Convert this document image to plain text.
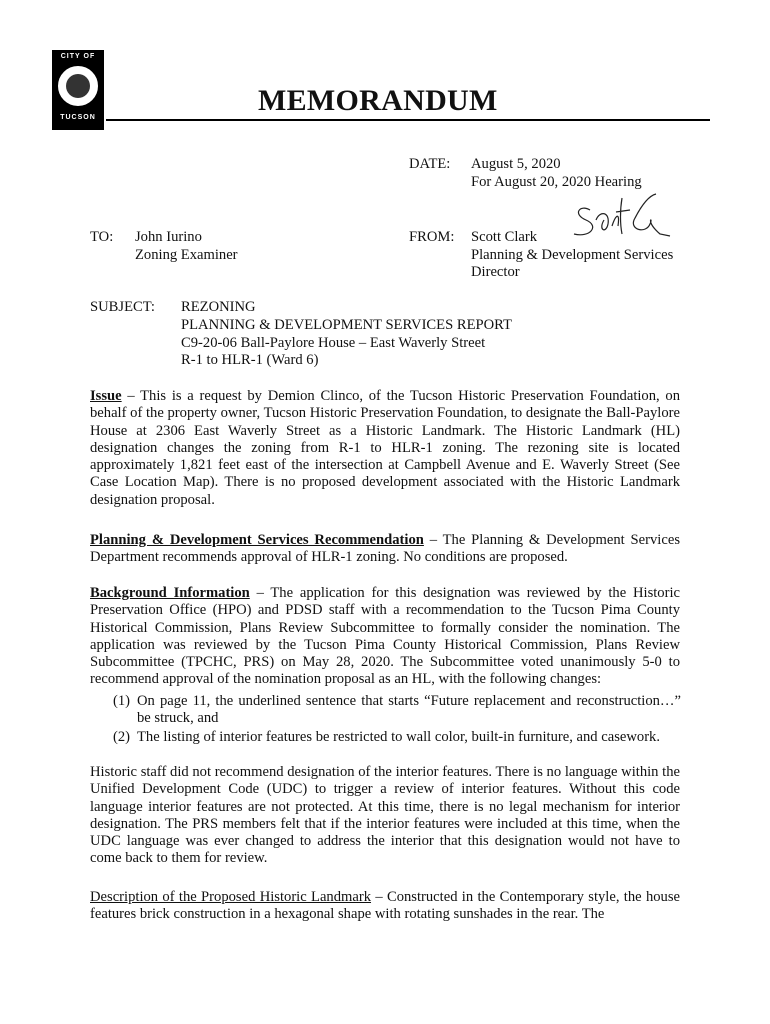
CITY OF
TUCSON
MEMORANDUM
DATE: August 5, 2020
For August 20, 2020 Hearing
TO: John Iurino
Zoning Examiner
FROM: Scott Clark
Planning & Development Services
Director
SUBJECT: REZONING
PLANNING & DEVELOPMENT SERVICES REPORT
C9-20-06 Ball-Paylore House – East Waverly Street
R-1 to HLR-1 (Ward 6)
Issue – This is a request by Demion Clinco, of the Tucson Historic Preservation Foundation, on behalf of the property owner, Tucson Historic Preservation Foundation, to designate the Ball-Paylore House at 2306 East Waverly Street as a Historic Landmark. The Historic Landmark (HL) designation changes the zoning from R-1 to HLR-1 zoning. The rezoning site is located approximately 1,821 feet east of the intersection at Campbell Avenue and E. Waverly Street (See Case Location Map). There is no proposed development associated with the Historic Landmark designation proposal.
Planning & Development Services Recommendation – The Planning & Development Services Department recommends approval of HLR-1 zoning. No conditions are proposed.
Background Information – The application for this designation was reviewed by the Historic Preservation Office (HPO) and PDSD staff with a recommendation to the Tucson Pima County Historical Commission, Plans Review Subcommittee to formally consider the nomination. The application was reviewed by the Tucson Pima County Historical Commission, Plans Review Subcommittee (TPCHC, PRS) on May 28, 2020. The Subcommittee voted unanimously 5-0 to recommend approval of the nomination proposal as an HL, with the following changes:
(1) On page 11, the underlined sentence that starts “Future replacement and reconstruction…” be struck, and
(2) The listing of interior features be restricted to wall color, built-in furniture, and casework.
Historic staff did not recommend designation of the interior features. There is no language within the Unified Development Code (UDC) to trigger a review of interior features. Without this code language interior features are not protected. At this time, there is no legal mechanism for interior designation. The PRS members felt that if the interior features were included at this time, when the UDC language was ever changed to address the interior that this designation would not have to come back to them for review.
Description of the Proposed Historic Landmark – Constructed in the Contemporary style, the house features brick construction in a hexagonal shape with rotating sunshades in the rear. The
